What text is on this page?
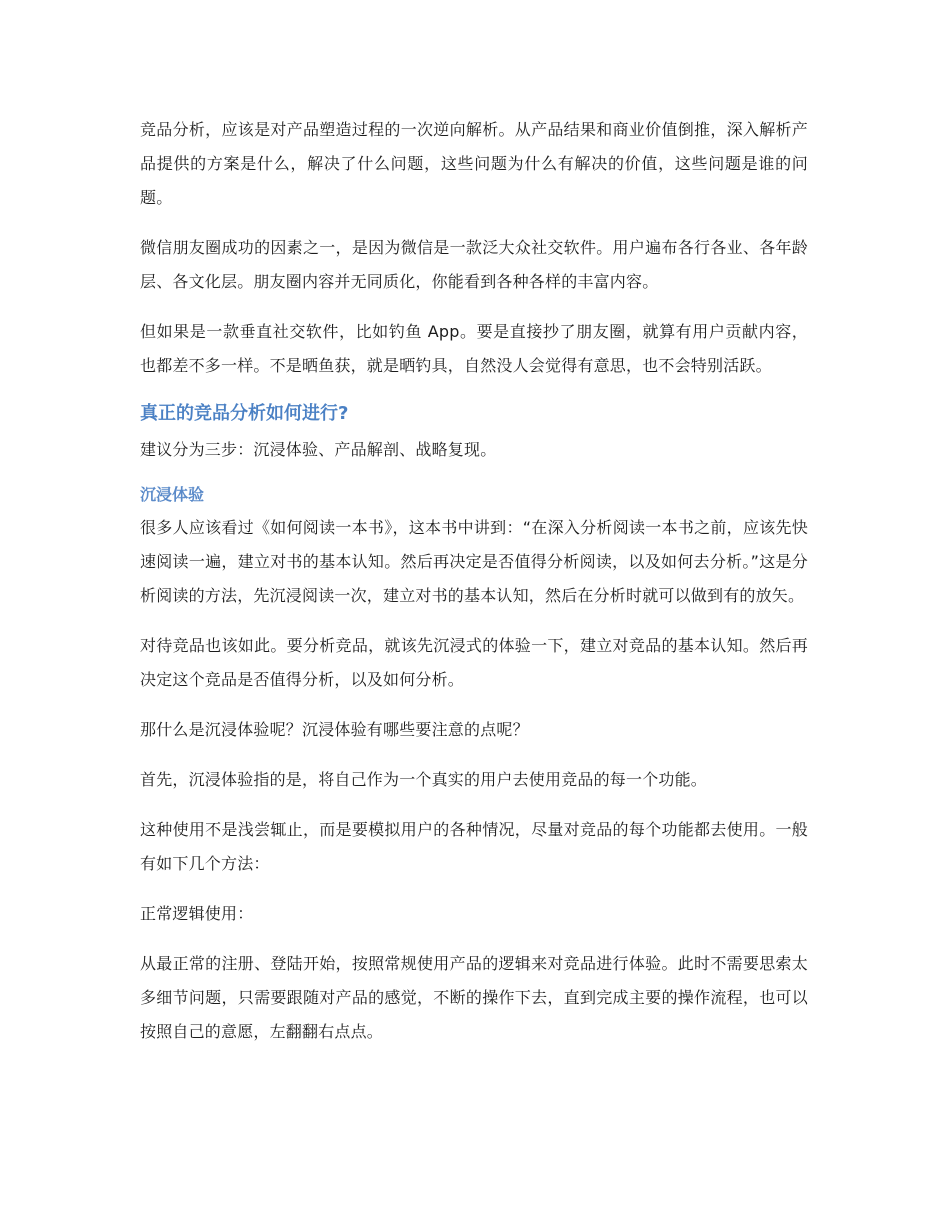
竞品分析，应该是对产品塑造过程的一次逆向解析。从产品结果和商业价值倒推，深入解析产品提供的方案是什么，解决了什么问题，这些问题为什么有解决的价值，这些问题是谁的问题。

微信朋友圈成功的因素之一，是因为微信是一款泛大众社交软件。用户遍布各行各业、各年龄层、各文化层。朋友圈内容并无同质化，你能看到各种各样的丰富内容。

但如果是一款垂直社交软件，比如钓鱼 App。要是直接抄了朋友圈，就算有用户贡献内容，也都差不多一样。不是晒鱼获，就是晒钓具，自然没人会觉得有意思，也不会特别活跃。

真正的竞品分析如何进行?

建议分为三步：沉浸体验、产品解剖、战略复现。

沉浸体验

很多人应该看过《如何阅读一本书》，这本书中讲到：“在深入分析阅读一本书之前，应该先快速阅读一遍，建立对书的基本认知。然后再决定是否值得分析阅读，以及如何去分析。”这是分析阅读的方法，先沉浸阅读一次，建立对书的基本认知，然后在分析时就可以做到有的放矢。

对待竞品也该如此。要分析竞品，就该先沉浸式的体验一下，建立对竞品的基本认知。然后再决定这个竞品是否值得分析，以及如何分析。

那什么是沉浸体验呢？沉浸体验有哪些要注意的点呢？

首先，沉浸体验指的是，将自己作为一个真实的用户去使用竞品的每一个功能。

这种使用不是浅尝辄止，而是要模拟用户的各种情况，尽量对竞品的每个功能都去使用。一般有如下几个方法：

正常逻辑使用：

从最正常的注册、登陆开始，按照常规使用产品的逻辑来对竞品进行体验。此时不需要思索太多细节问题，只需要跟随对产品的感觉，不断的操作下去，直到完成主要的操作流程，也可以按照自己的意愿，左翻翻右点点。
